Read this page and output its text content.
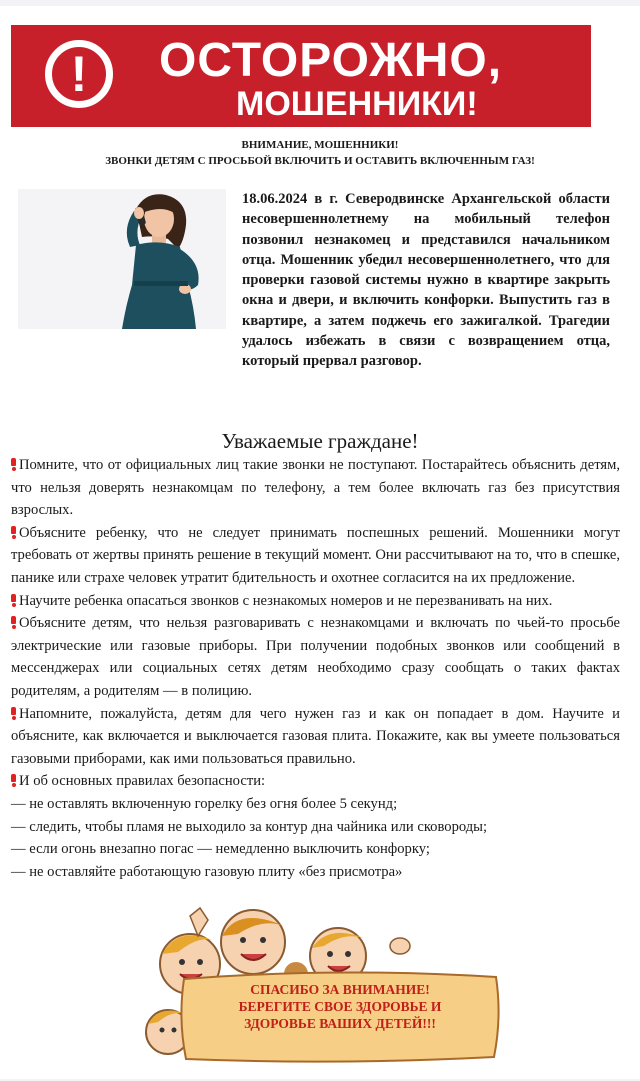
!	ОСТОРОЖНО,
МОШЕННИКИ!
ВНИМАНИЕ, МОШЕННИКИ!
ЗВОНКИ ДЕТЯМ С ПРОСЬБОЙ ВКЛЮЧИТЬ И ОСТАВИТЬ ВКЛЮЧЕННЫМ ГАЗ!
18.06.2024 в г. Северодвинске Архангельской области несовершеннолетнему на мобильный телефон позвонил незнакомец и представился начальником отца. Мошенник убедил несовершеннолетнего, что для проверки газовой системы нужно в квартире закрыть окна и двери, и включить конфорки. Выпустить газ в квартире, а затем поджечь его зажигалкой. Трагедии удалось избежать в связи с возвращением отца, который прервал разговор.
Уважаемые граждане!

Помните, что от официальных лиц такие звонки не поступают. Постарайтесь объяснить детям, что нельзя доверять незнакомцам по телефону, а тем более включать газ без присутствия взрослых.

Объясните ребенку, что не следует принимать поспешных решений. Мошенники могут требовать от жертвы принять решение в текущий момент. Они рассчитывают на то, что в спешке, панике или страхе человек утратит бдительность и охотнее согласится на их предложение.

Научите ребенка опасаться звонков с незнакомых номеров и не перезванивать на них.

Объясните детям, что нельзя разговаривать с незнакомцами и включать по чьей-то просьбе электрические или газовые приборы. При получении подобных звонков или сообщений в мессенджерах или социальных сетях детям необходимо сразу сообщать о таких фактах родителям, а родителям — в полицию.

Напомните, пожалуйста, детям для чего нужен газ и как он попадает в дом. Научите и объясните, как включается и выключается газовая плита. Покажите, как вы умеете пользоваться газовыми приборами, как ими пользоваться правильно.

И об основных правилах безопасности:

— не оставлять включенную горелку без огня более 5 секунд;

— следить, чтобы пламя не выходило за контур дна чайника или сковороды;

— если огонь внезапно погас — немедленно выключить конфорку;

— не оставляйте работающую газовую плиту «без присмотра»

СПАСИБО ЗА ВНИМАНИЕ!
БЕРЕГИТЕ СВОЕ ЗДОРОВЬЕ И
ЗДОРОВЬЕ ВАШИХ ДЕТЕЙ!!!
